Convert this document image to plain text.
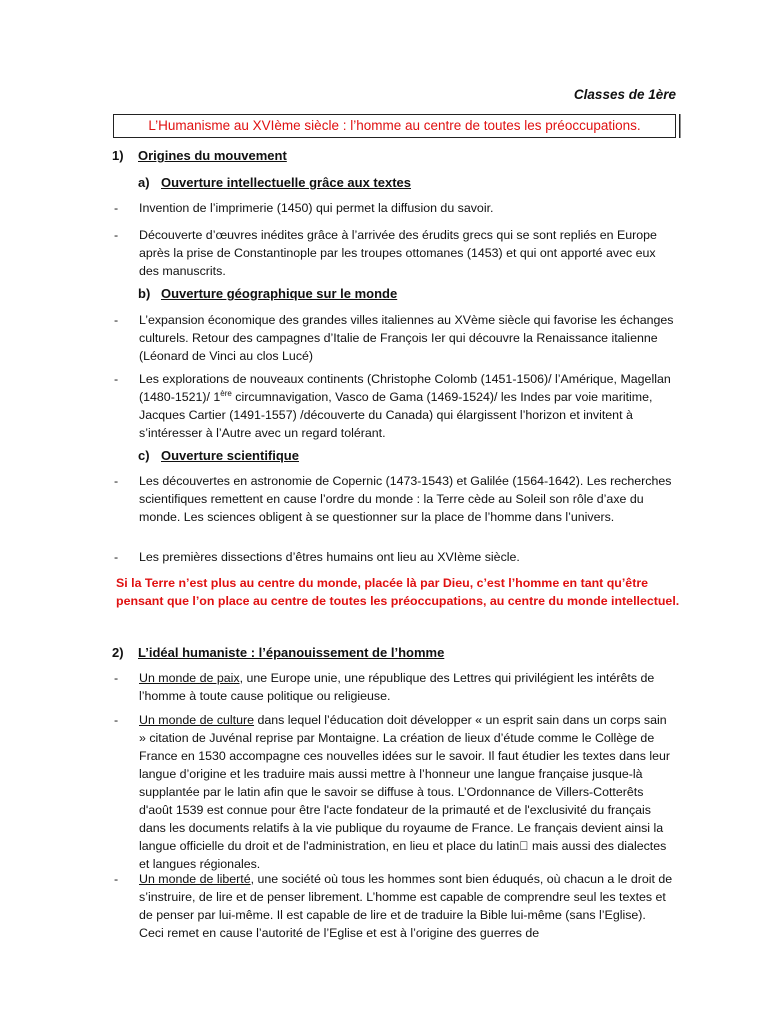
Classes de 1ère
L’Humanisme au XVIème siècle : l’homme au centre de toutes les préoccupations.
1) Origines du mouvement
a) Ouverture intellectuelle grâce aux textes
- Invention de l’imprimerie (1450) qui permet la diffusion du savoir.
- Découverte d’œuvres inédites grâce à l’arrivée des érudits grecs qui se sont repliés en Europe après la prise de Constantinople par les troupes ottomanes (1453) et qui ont apporté avec eux des manuscrits.
b) Ouverture géographique sur le monde
- L’expansion économique des grandes villes italiennes au XVème siècle qui favorise les échanges culturels. Retour des campagnes d’Italie de François Ier qui découvre la Renaissance italienne (Léonard de Vinci au clos Lucé)
- Les explorations de nouveaux continents (Christophe Colomb (1451-1506)/ l’Amérique, Magellan (1480-1521)/ 1ère circumnavigation, Vasco de Gama (1469-1524)/ les Indes par voie maritime, Jacques Cartier (1491-1557) /découverte du Canada) qui élargissent l’horizon et invitent à s’intéresser à l’Autre avec un regard tolérant.
c) Ouverture scientifique
- Les découvertes en astronomie de Copernic (1473-1543) et Galilée (1564-1642). Les recherches scientifiques remettent en cause l’ordre du monde : la Terre cède au Soleil son rôle d’axe du monde. Les sciences obligent à se questionner sur la place de l’homme dans l’univers.
- Les premières dissections d’êtres humains ont lieu au XVIème siècle.
Si la Terre n’est plus au centre du monde, placée là par Dieu, c’est l’homme en tant qu’être pensant que l’on place au centre de toutes les préoccupations, au centre du monde intellectuel.
2) L’idéal humaniste : l’épanouissement de l’homme
- Un monde de paix, une Europe unie, une république des Lettres qui privilégient les intérêts de l’homme à toute cause politique ou religieuse.
- Un monde de culture dans lequel l’éducation doit développer « un esprit sain dans un corps sain » citation de Juvénal reprise par Montaigne. La création de lieux d’étude comme le Collège de France en 1530 accompagne ces nouvelles idées sur le savoir. Il faut étudier les textes dans leur langue d’origine et les traduire mais aussi mettre à l’honneur une langue française jusque-là supplantée par le latin afin que le savoir se diffuse à tous. L’Ordonnance de Villers-Cotterêts d'août 1539 est connue pour être l'acte fondateur de la primauté et de l'exclusivité du français dans les documents relatifs à la vie publique du royaume de France. Le français devient ainsi la langue officielle du droit et de l'administration, en lieu et place du latin mais aussi des dialectes et langues régionales.
- Un monde de liberté, une société où tous les hommes sont bien éduqués, où chacun a le droit de s’instruire, de lire et de penser librement. L’homme est capable de comprendre seul les textes et de penser par lui-même. Il est capable de lire et de traduire la Bible lui-même (sans l’Eglise). Ceci remet en cause l’autorité de l’Eglise et est à l’origine des guerres de
